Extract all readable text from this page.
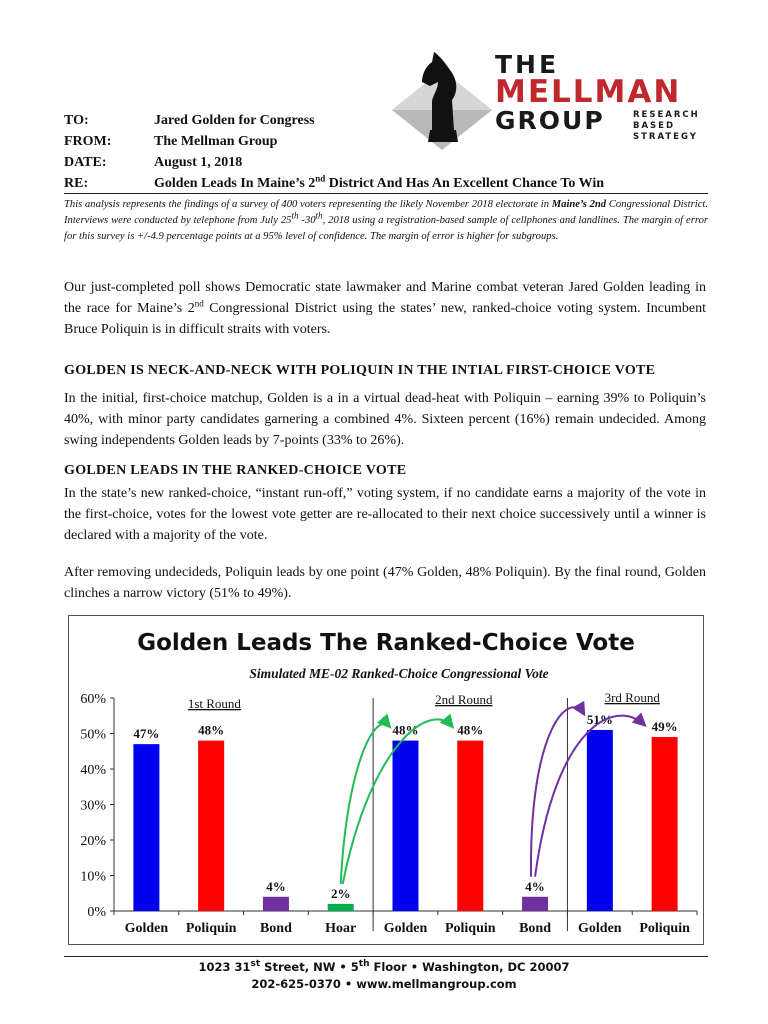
THE
MELLMAN
GROUP	RESEARCH
BASED
STRATEGY
TO:	Jared Golden for Congress
FROM:	The Mellman Group
DATE:	August 1, 2018
RE:	Golden Leads In Maine’s 2nd District And Has An Excellent Chance To Win
This analysis represents the findings of a survey of 400 voters representing the likely November 2018 electorate in Maine’s 2nd Congressional District. Interviews were conducted by telephone from July 25th -30th, 2018 using a registration-based sample of cellphones and landlines. The margin of error for this survey is +/-4.9 percentage points at a 95% level of confidence. The margin of error is higher for subgroups.
Our just-completed poll shows Democratic state lawmaker and Marine combat veteran Jared Golden leading in the race for Maine’s 2nd Congressional District using the states’ new, ranked-choice voting system. Incumbent Bruce Poliquin is in difficult straits with voters.
GOLDEN IS NECK-AND-NECK WITH POLIQUIN IN THE INTIAL FIRST-CHOICE VOTE
In the initial, first-choice matchup, Golden is a in a virtual dead-heat with Poliquin – earning 39% to Poliquin’s 40%, with minor party candidates garnering a combined 4%. Sixteen percent (16%) remain undecided. Among swing independents Golden leads by 7-points (33% to 26%).
GOLDEN LEADS IN THE RANKED-CHOICE VOTE
In the state’s new ranked-choice, “instant run-off,” voting system, if no candidate earns a majority of the vote in the first-choice, votes for the lowest vote getter are re-allocated to their next choice successively until a winner is declared with a majority of the vote.
After removing undecideds, Poliquin leads by one point (47% Golden, 48% Poliquin). By the final round, Golden clinches a narrow victory (51% to 49%).
Golden Leads The Ranked-Choice Vote
Simulated ME-02 Ranked-Choice Congressional Vote
0%
10%
20%
30%
40%
50%
60%	1st Round	2nd Round	3rd Round
47%
Golden
48%
Poliquin
4%
Bond
2%
Hoar
48%
Golden
48%
Poliquin
4%
Bond
51%
Golden
49%
Poliquin
1023 31st Street, NW • 5th Floor • Washington, DC 20007
202-625-0370 • www.mellmangroup.com
